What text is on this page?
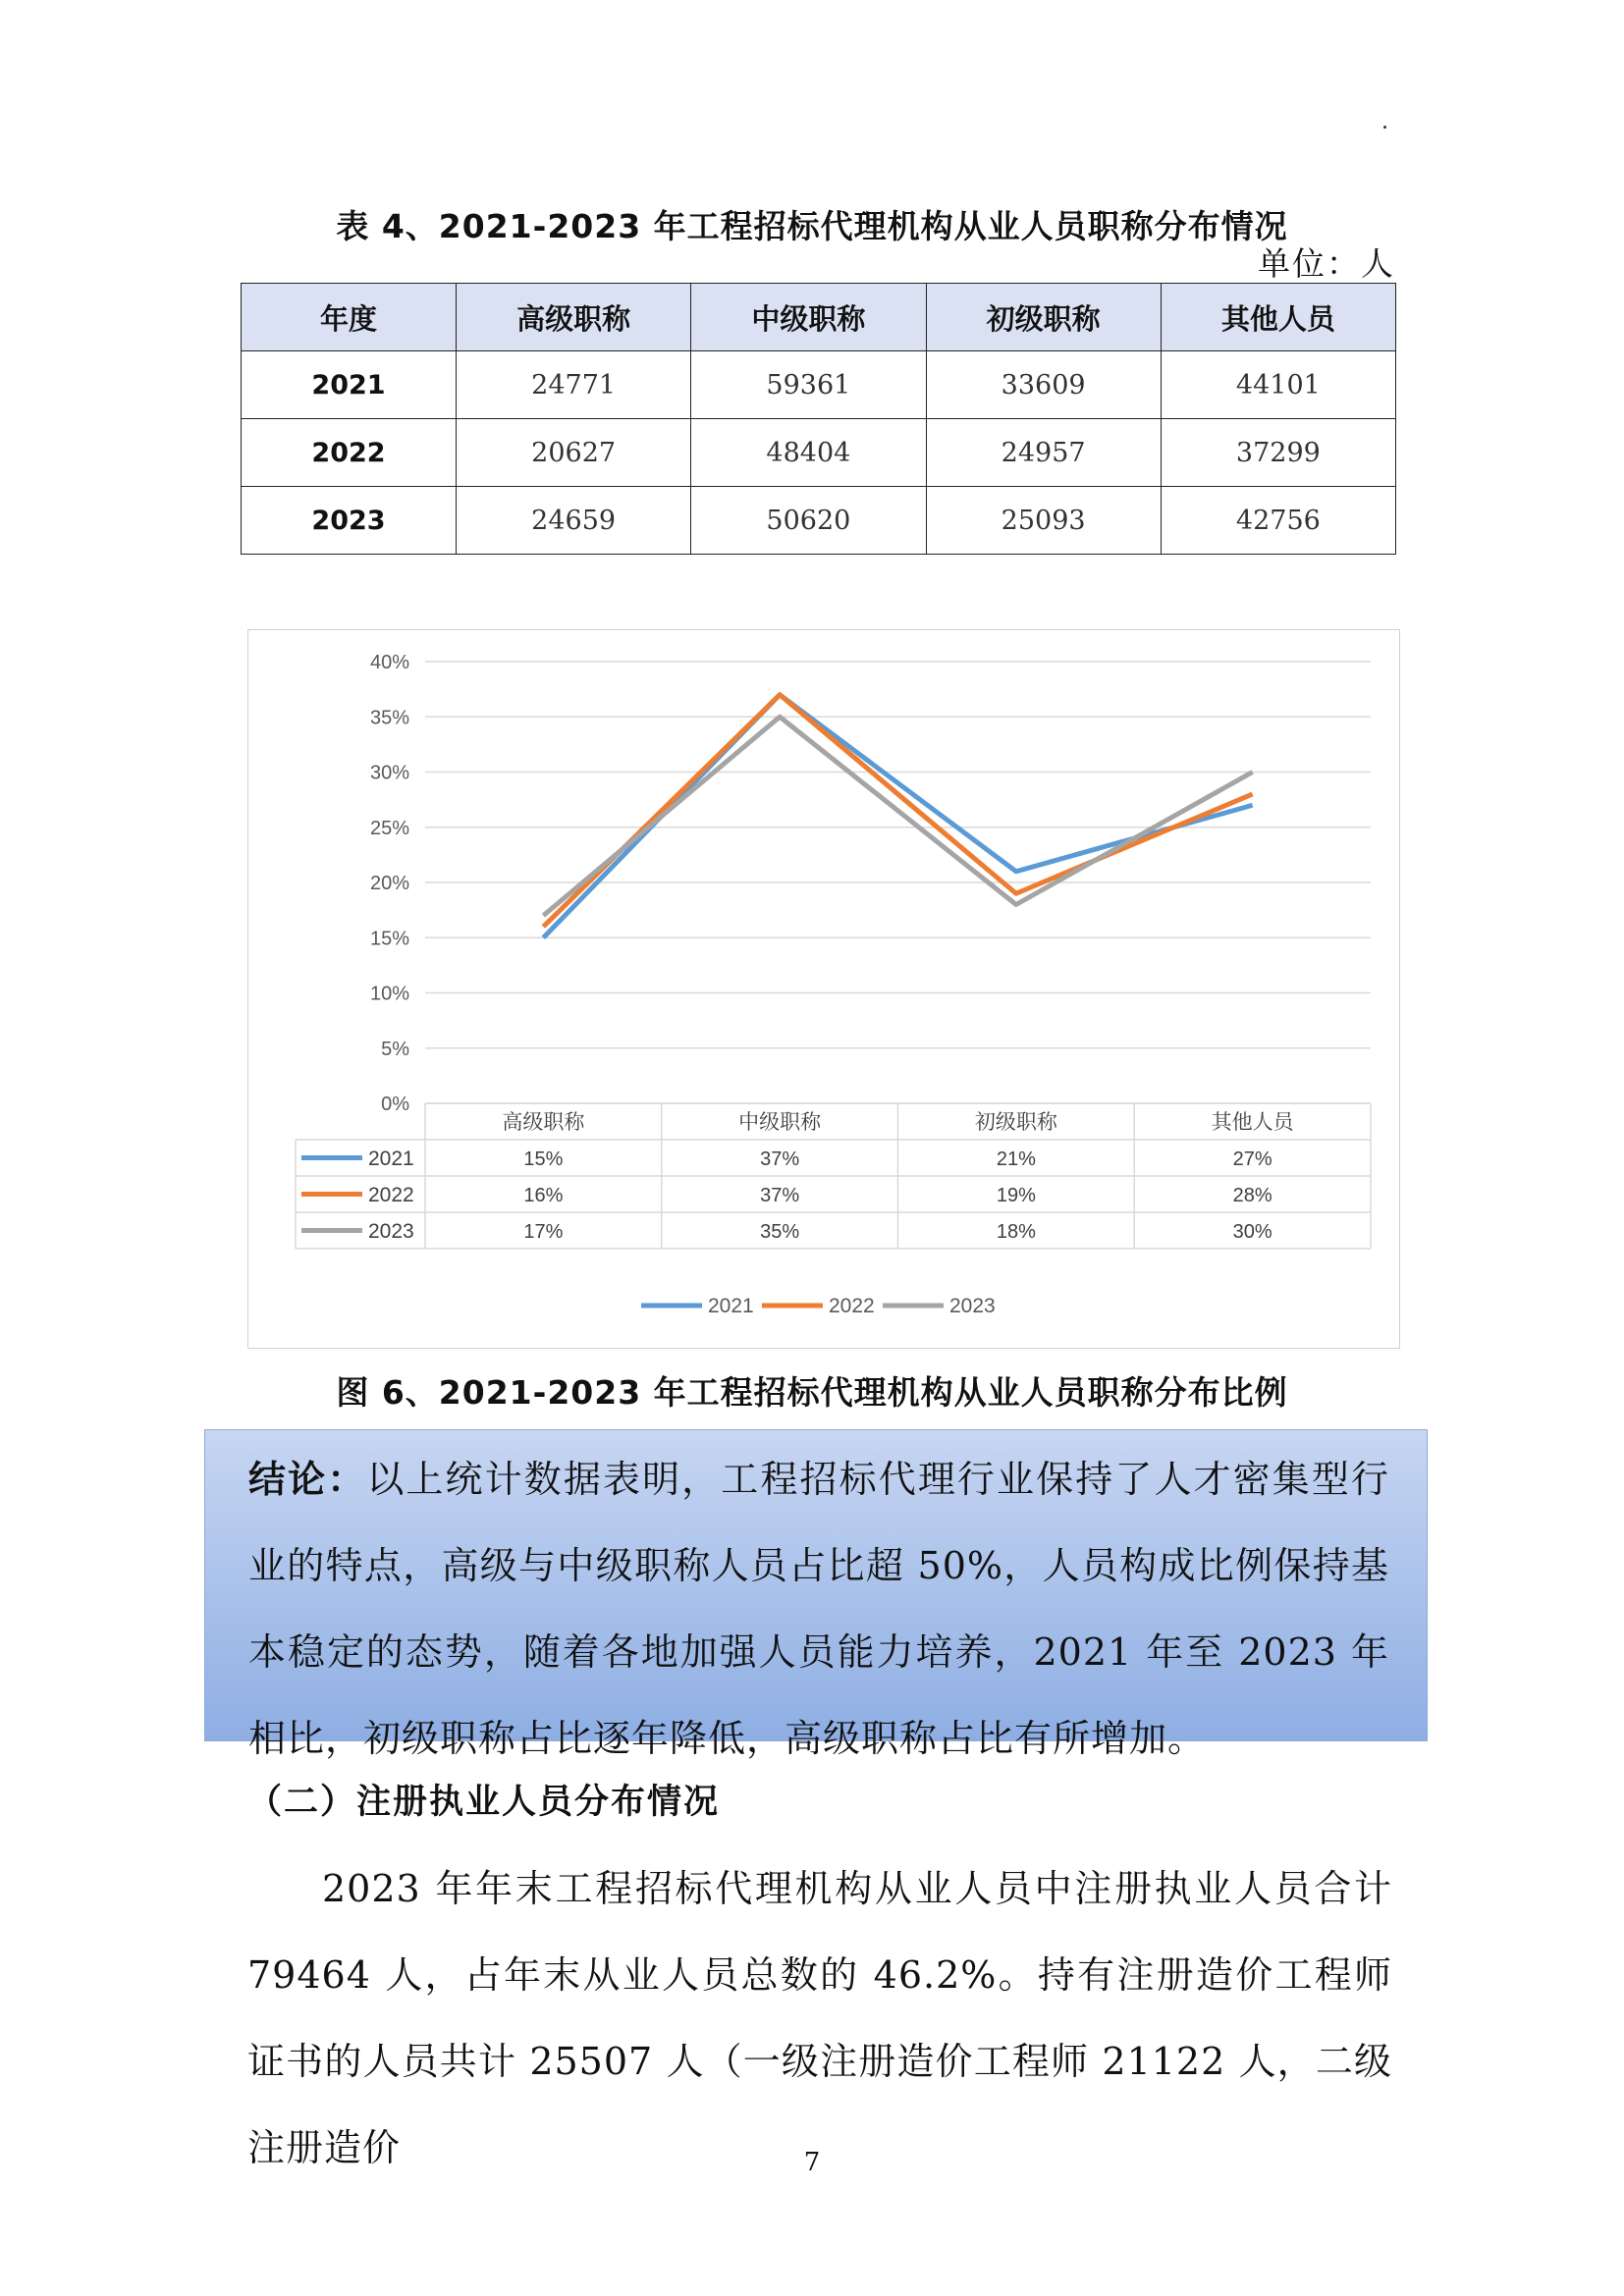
表 4、2021-2023 年工程招标代理机构从业人员职称分布情况
单位：人
年度	高级职称	中级职称	初级职称	其他人员
2021	24771	59361	33609	44101
2022	20627	48404	24957	37299
2023	24659	50620	25093	42756
0%
5%
10%
15%
20%
25%
30%
35%
40%
高级职称	中级职称	初级职称	其他人员
2021	15%	37%	21%	27%
2022	16%	37%	19%	28%
2023	17%	35%	18%	30%
2021	2022	2023
图 6、2021-2023 年工程招标代理机构从业人员职称分布比例
结论：以上统计数据表明，工程招标代理行业保持了人才密集型行业的特点，高级与中级职称人员占比超 50%，人员构成比例保持基本稳定的态势，随着各地加强人员能力培养，2021 年至 2023 年相比，初级职称占比逐年降低，高级职称占比有所增加。
（二）注册执业人员分布情况
2023 年年末工程招标代理机构从业人员中注册执业人员合计 79464 人，占年末从业人员总数的 46.2%。持有注册造价工程师证书的人员共计 25507 人（一级注册造价工程师 21122 人，二级注册造价	7
